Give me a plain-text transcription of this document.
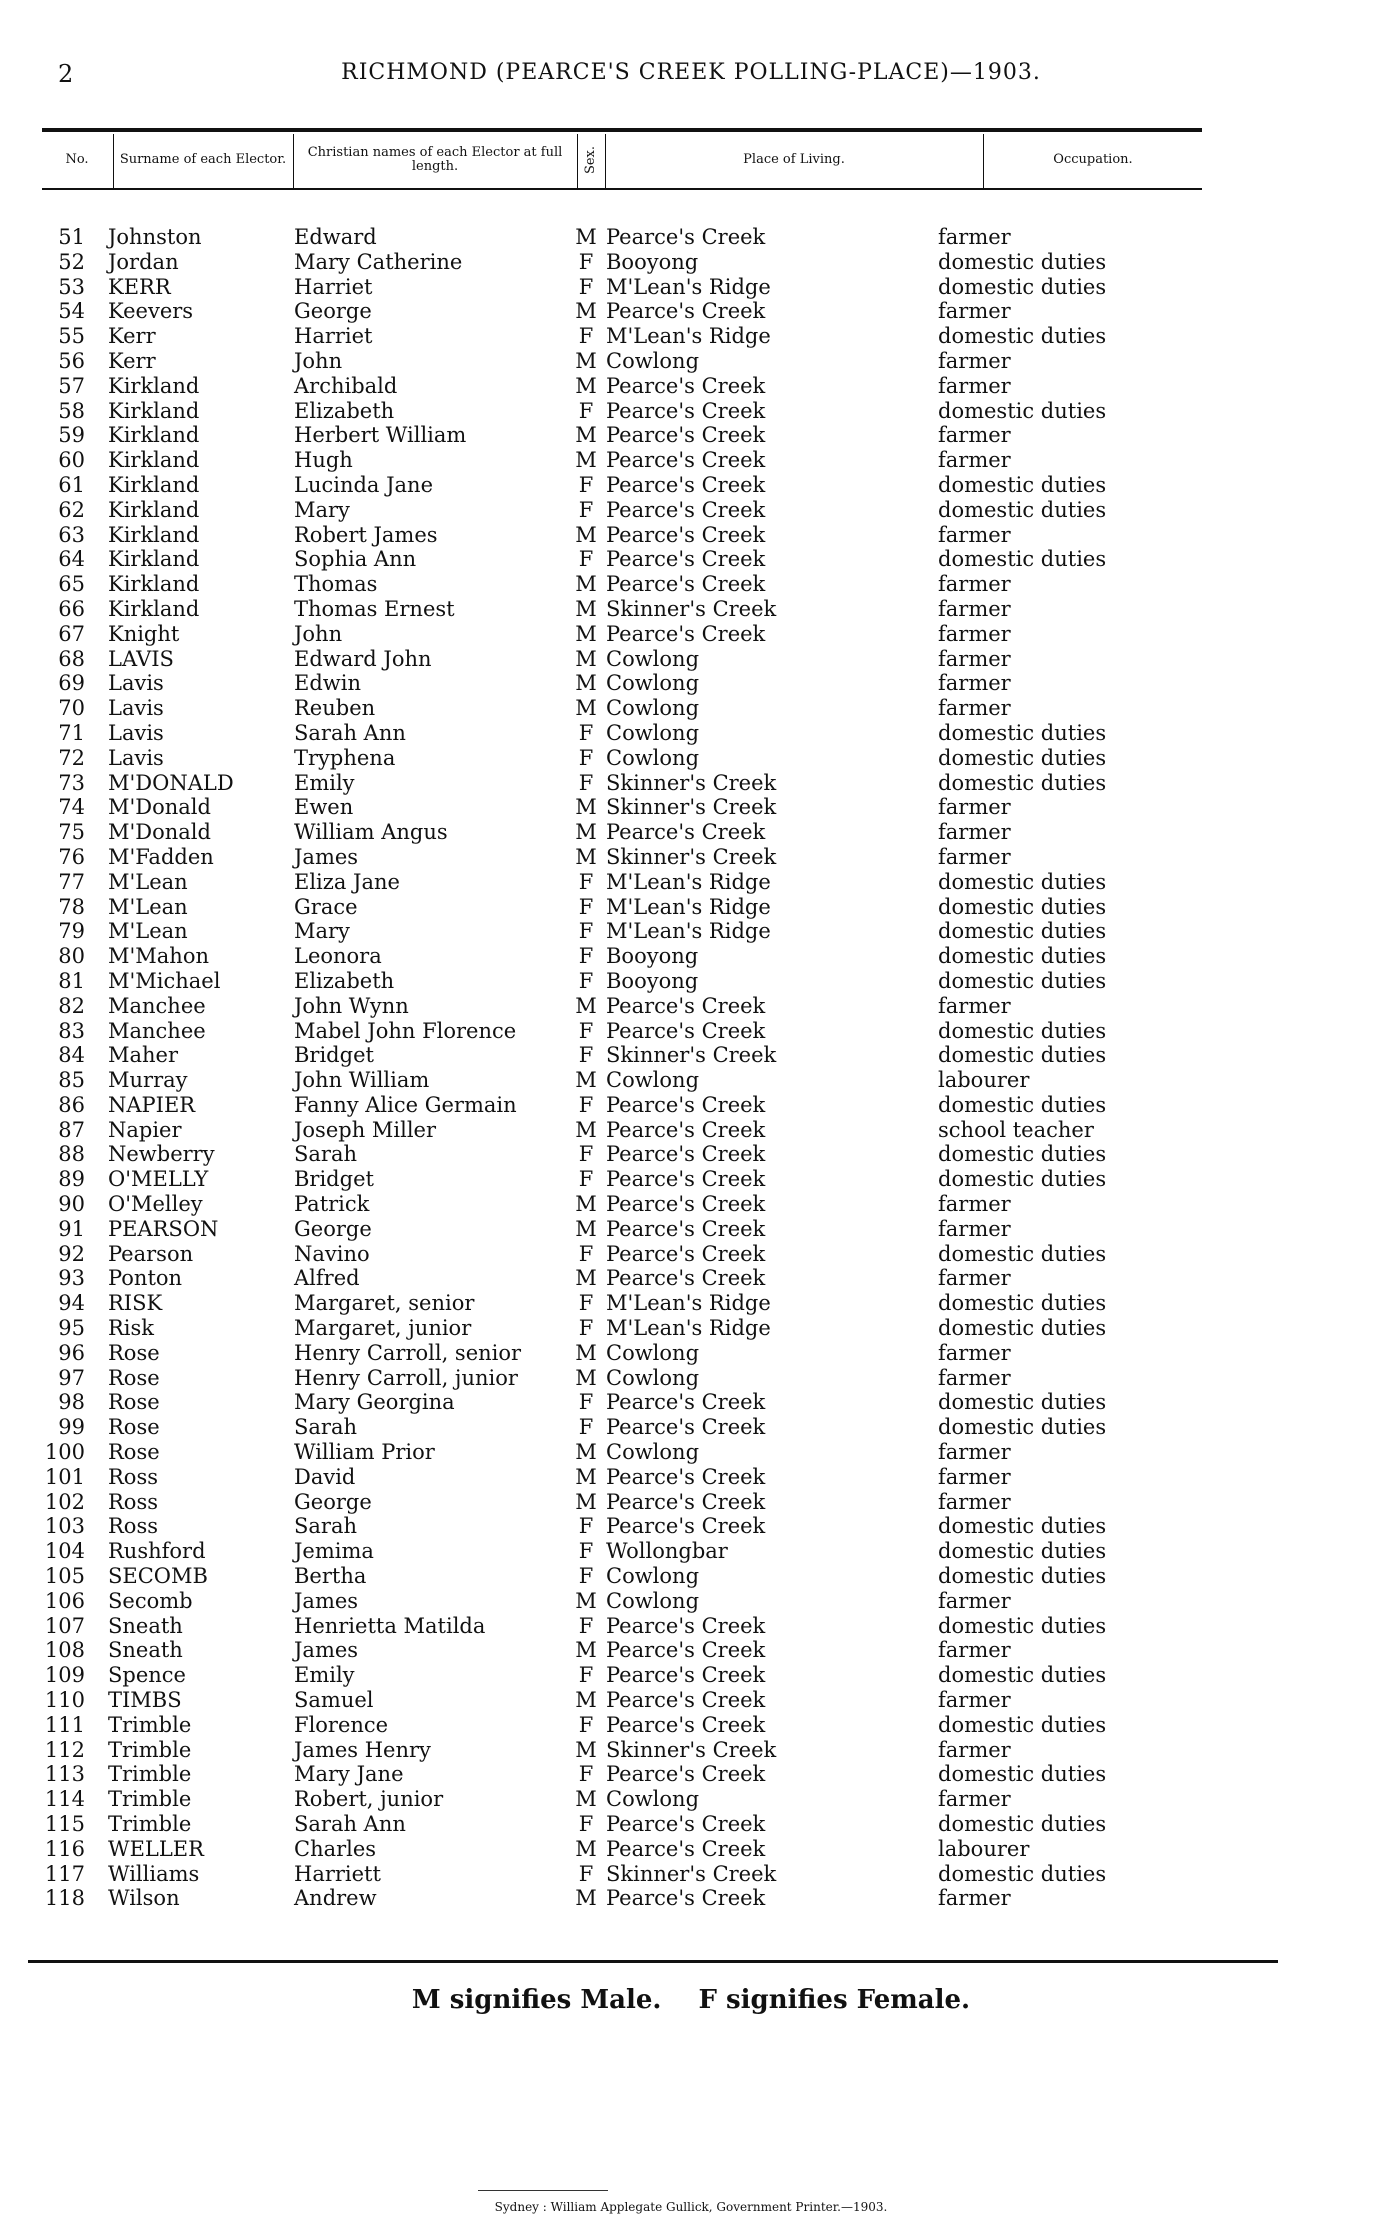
2	RICHMOND (PEARCE'S CREEK POLLING-PLACE)—1903.
No.	Surname of each Elector.	Christian names of each Elector at full length.	Sex.	Place of Living.	Occupation.
51 Johnston	Edward	M Pearce's Creek	farmer
52 Jordan	Mary Catherine	F Booyong	domestic duties
53 KERR	Harriet	F M'Lean's Ridge	domestic duties
54 Keevers	George	M Pearce's Creek	farmer
55 Kerr	Harriet	F M'Lean's Ridge	domestic duties
56 Kerr	John	M Cowlong	farmer
57 Kirkland	Archibald	M Pearce's Creek	farmer
58 Kirkland	Elizabeth	F Pearce's Creek	domestic duties
59 Kirkland	Herbert William	M Pearce's Creek	farmer
60 Kirkland	Hugh	M Pearce's Creek	farmer
61 Kirkland	Lucinda Jane	F Pearce's Creek	domestic duties
62 Kirkland	Mary	F Pearce's Creek	domestic duties
63 Kirkland	Robert James	M Pearce's Creek	farmer
64 Kirkland	Sophia Ann	F Pearce's Creek	domestic duties
65 Kirkland	Thomas	M Pearce's Creek	farmer
66 Kirkland	Thomas Ernest	M Skinner's Creek	farmer
67 Knight	John	M Pearce's Creek	farmer
68 LAVIS	Edward John	M Cowlong	farmer
69 Lavis	Edwin	M Cowlong	farmer
70 Lavis	Reuben	M Cowlong	farmer
71 Lavis	Sarah Ann	F Cowlong	domestic duties
72 Lavis	Tryphena	F Cowlong	domestic duties
73 M'DONALD	Emily	F Skinner's Creek	domestic duties
74 M'Donald	Ewen	M Skinner's Creek	farmer
75 M'Donald	William Angus	M Pearce's Creek	farmer
76 M'Fadden	James	M Skinner's Creek	farmer
77 M'Lean	Eliza Jane	F M'Lean's Ridge	domestic duties
78 M'Lean	Grace	F M'Lean's Ridge	domestic duties
79 M'Lean	Mary	F M'Lean's Ridge	domestic duties
80 M'Mahon	Leonora	F Booyong	domestic duties
81 M'Michael	Elizabeth	F Booyong	domestic duties
82 Manchee	John Wynn	M Pearce's Creek	farmer
83 Manchee	Mabel John Florence	F Pearce's Creek	domestic duties
84 Maher	Bridget	F Skinner's Creek	domestic duties
85 Murray	John William	M Cowlong	labourer
86 NAPIER	Fanny Alice Germain	F Pearce's Creek	domestic duties
87 Napier	Joseph Miller	M Pearce's Creek	school teacher
88 Newberry	Sarah	F Pearce's Creek	domestic duties
89 O'MELLY	Bridget	F Pearce's Creek	domestic duties
90 O'Melley	Patrick	M Pearce's Creek	farmer
91 PEARSON	George	M Pearce's Creek	farmer
92 Pearson	Navino	F Pearce's Creek	domestic duties
93 Ponton	Alfred	M Pearce's Creek	farmer
94 RISK	Margaret, senior	F M'Lean's Ridge	domestic duties
95 Risk	Margaret, junior	F M'Lean's Ridge	domestic duties
96 Rose	Henry Carroll, senior	M Cowlong	farmer
97 Rose	Henry Carroll, junior	M Cowlong	farmer
98 Rose	Mary Georgina	F Pearce's Creek	domestic duties
99 Rose	Sarah	F Pearce's Creek	domestic duties
100 Rose	William Prior	M Cowlong	farmer
101 Ross	David	M Pearce's Creek	farmer
102 Ross	George	M Pearce's Creek	farmer
103 Ross	Sarah	F Pearce's Creek	domestic duties
104 Rushford	Jemima	F Wollongbar	domestic duties
105 SECOMB	Bertha	F Cowlong	domestic duties
106 Secomb	James	M Cowlong	farmer
107 Sneath	Henrietta Matilda	F Pearce's Creek	domestic duties
108 Sneath	James	M Pearce's Creek	farmer
109 Spence	Emily	F Pearce's Creek	domestic duties
110 TIMBS	Samuel	M Pearce's Creek	farmer
111 Trimble	Florence	F Pearce's Creek	domestic duties
112 Trimble	James Henry	M Skinner's Creek	farmer
113 Trimble	Mary Jane	F Pearce's Creek	domestic duties
114 Trimble	Robert, junior	M Cowlong	farmer
115 Trimble	Sarah Ann	F Pearce's Creek	domestic duties
116 WELLER	Charles	M Pearce's Creek	labourer
117 Williams	Harriett	F Skinner's Creek	domestic duties
118 Wilson	Andrew	M Pearce's Creek	farmer
M signifies Male. F signifies Female.
Sydney : William Applegate Gullick, Government Printer.—1903.
